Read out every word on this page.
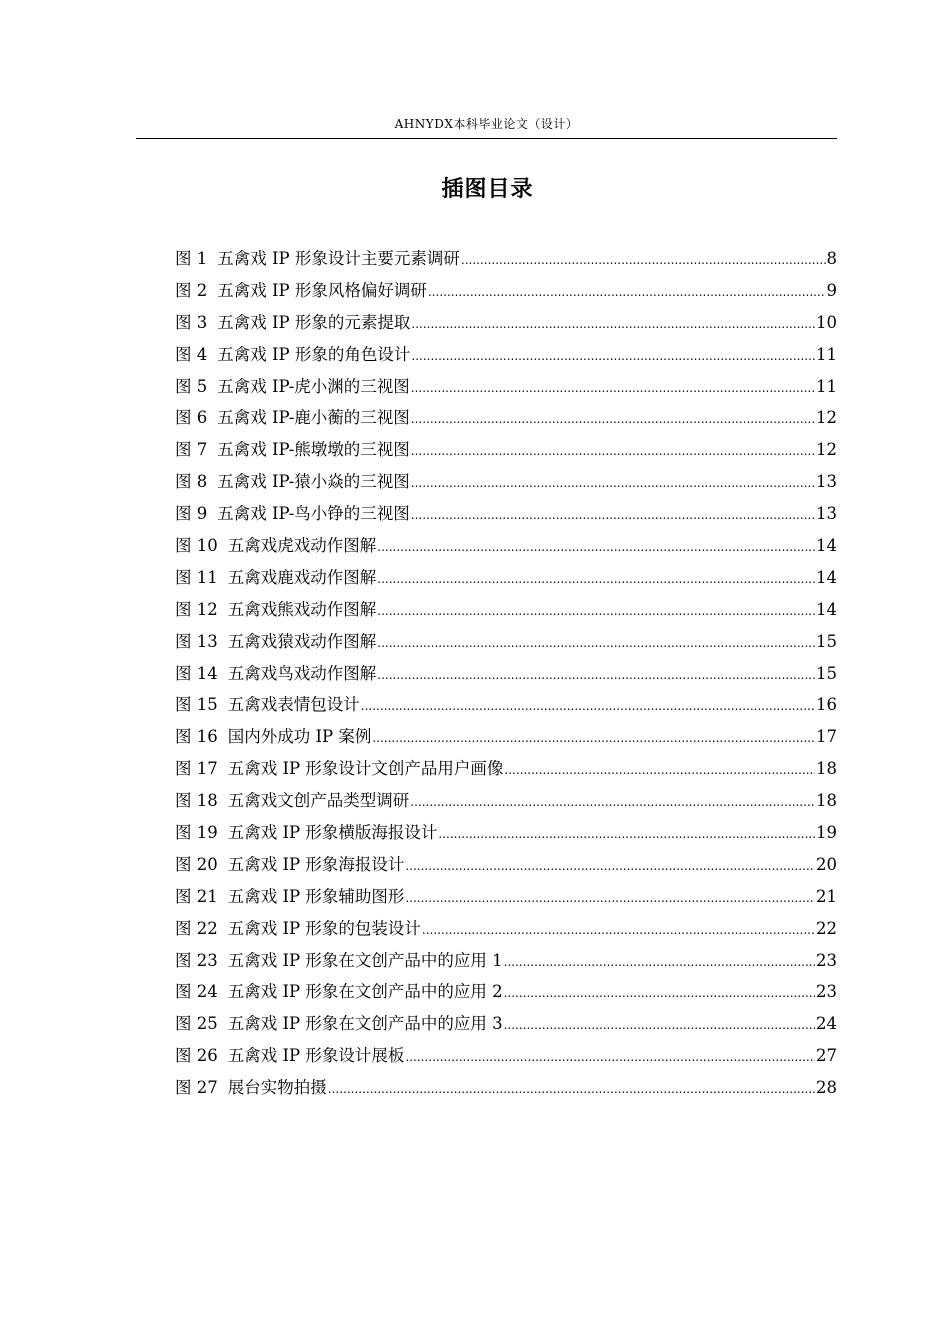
AHNYDX本科毕业论文（设计）
插图目录
图 1 五禽戏 IP 形象设计主要元素调研 .....	8
图 2 五禽戏 IP 形象风格偏好调研 .....	9
图 3 五禽戏 IP 形象的元素提取 .....	10
图 4 五禽戏 IP 形象的角色设计 .....	11
图 5 五禽戏 IP-虎小渊的三视图 .....	11
图 6 五禽戏 IP-鹿小蘅的三视图 .....	12
图 7 五禽戏 IP-熊墩墩的三视图 .....	12
图 8 五禽戏 IP-猿小焱的三视图 .....	13
图 9 五禽戏 IP-鸟小铮的三视图 .....	13
图 10 五禽戏虎戏动作图解 .....	14
图 11 五禽戏鹿戏动作图解 .....	14
图 12 五禽戏熊戏动作图解 .....	14
图 13 五禽戏猿戏动作图解 .....	15
图 14 五禽戏鸟戏动作图解 .....	15
图 15 五禽戏表情包设计 .....	16
图 16 国内外成功 IP 案例 .....	17
图 17 五禽戏 IP 形象设计文创产品用户画像 .....	18
图 18 五禽戏文创产品类型调研 .....	18
图 19 五禽戏 IP 形象横版海报设计 .....	19
图 20 五禽戏 IP 形象海报设计 .....	20
图 21 五禽戏 IP 形象辅助图形 .....	21
图 22 五禽戏 IP 形象的包装设计 .....	22
图 23 五禽戏 IP 形象在文创产品中的应用 1 .....	23
图 24 五禽戏 IP 形象在文创产品中的应用 2 .....	23
图 25 五禽戏 IP 形象在文创产品中的应用 3 .....	24
图 26 五禽戏 IP 形象设计展板 .....	27
图 27 展台实物拍摄 .....	28
